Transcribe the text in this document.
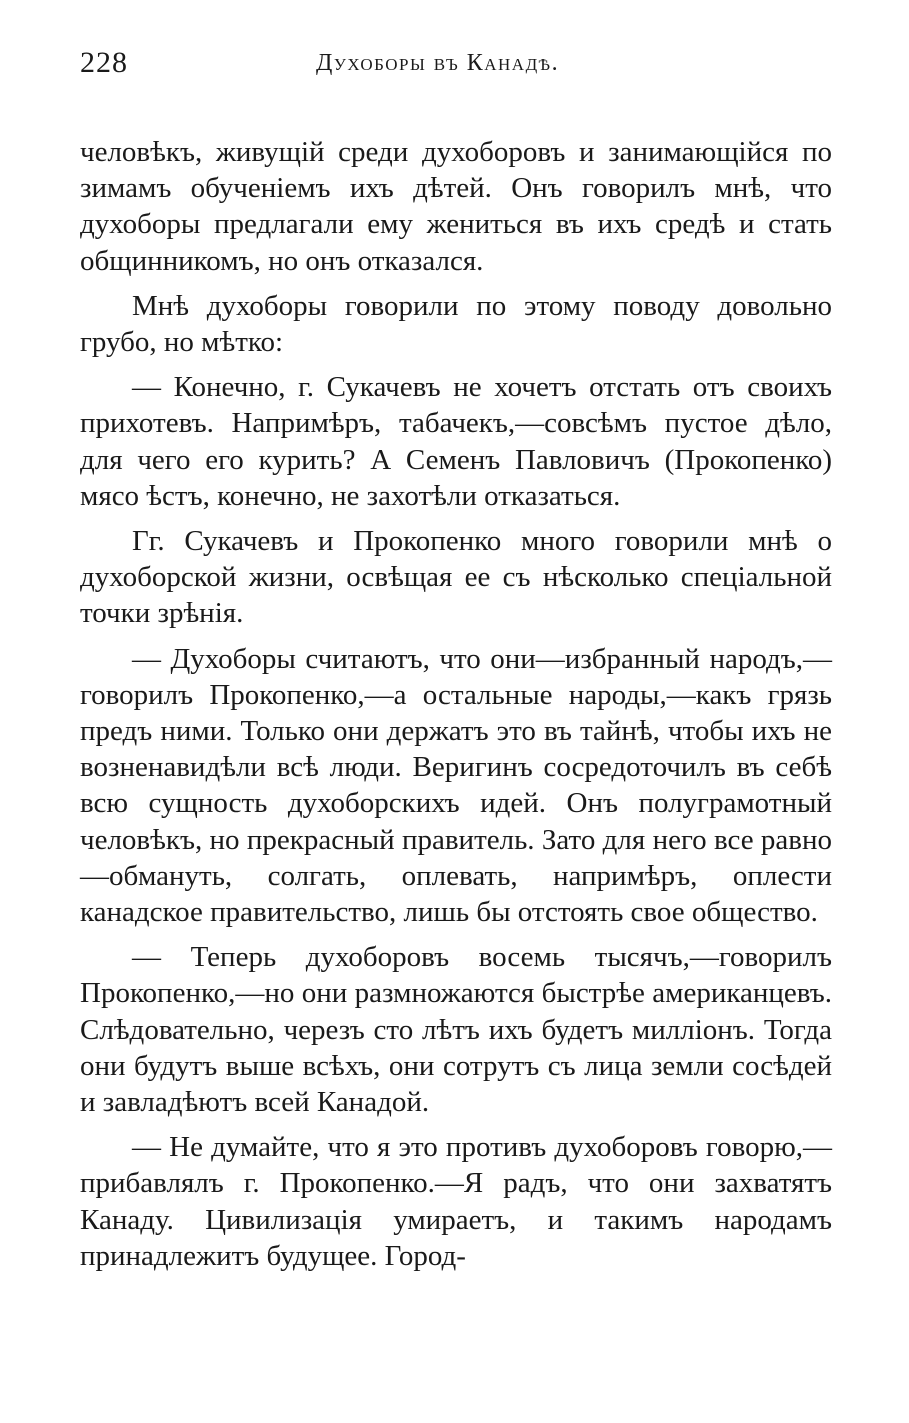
228	Духоборы въ Канадѣ.

человѣкъ, живущій среди духоборовъ и занимающійся по зимамъ обученіемъ ихъ дѣтей. Онъ говорилъ мнѣ, что духоборы предлагали ему жениться въ ихъ средѣ и стать общинникомъ, но онъ отказался.

Мнѣ духоборы говорили по этому поводу довольно грубо, но мѣтко:

— Конечно, г. Сукачевъ не хочетъ отстать отъ своихъ прихотевъ. Напримѣръ, табачекъ,—совсѣмъ пустое дѣло, для чего его курить? А Семенъ Павловичъ (Прокопенко) мясо ѣстъ, конечно, не захотѣли отказаться.

Гг. Сукачевъ и Прокопенко много говорили мнѣ о духоборской жизни, освѣщая ее съ нѣсколько спеціальной точки зрѣнія.

— Духоборы считаютъ, что они—избранный народъ,—говорилъ Прокопенко,—а остальные народы,—какъ грязь предъ ними. Только они держатъ это въ тайнѣ, чтобы ихъ не возненавидѣли всѣ люди. Веригинъ сосредоточилъ въ себѣ всю сущность духоборскихъ идей. Онъ полуграмотный человѣкъ, но прекрасный правитель. Зато для него все равно—обмануть, солгать, оплевать, напримѣръ, оплести канадское правительство, лишь бы отстоять свое общество.

— Теперь духоборовъ восемь тысячъ,—говорилъ Прокопенко,—но они размножаются быстрѣе американцевъ. Слѣдовательно, черезъ сто лѣтъ ихъ будетъ милліонъ. Тогда они будутъ выше всѣхъ, они сотрутъ съ лица земли сосѣдей и завладѣютъ всей Канадой.

— Не думайте, что я это противъ духоборовъ говорю,—прибавлялъ г. Прокопенко.—Я радъ, что они захватятъ Канаду. Цивилизація умираетъ, и такимъ народамъ принадлежитъ будущее. Город-
